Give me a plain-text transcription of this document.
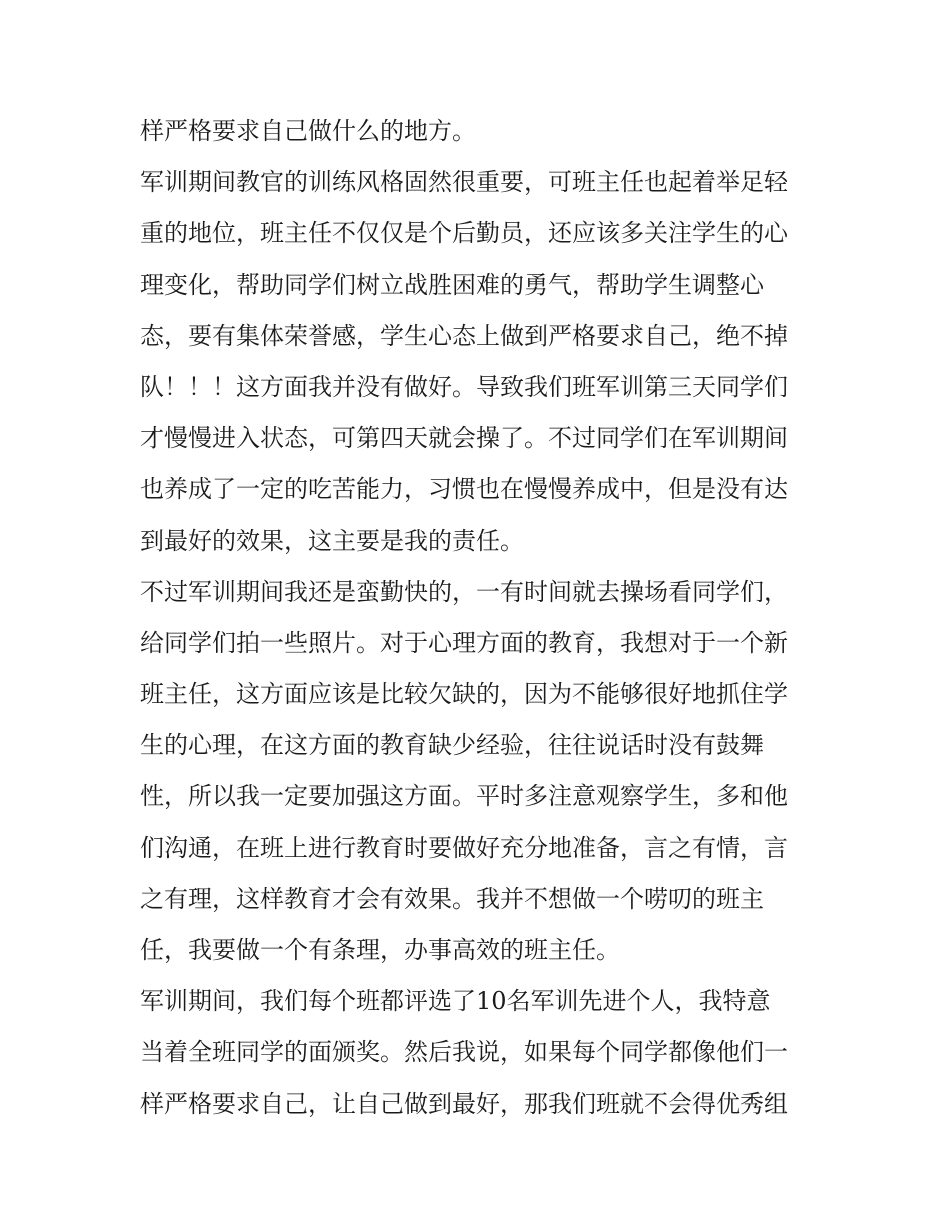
样严格要求自己做什么的地方。
军训期间教官的训练风格固然很重要，可班主任也起着举足轻
重的地位，班主任不仅仅是个后勤员，还应该多关注学生的心
理变化，帮助同学们树立战胜困难的勇气，帮助学生调整心
态，要有集体荣誉感，学生心态上做到严格要求自己，绝不掉
队！！！这方面我并没有做好。导致我们班军训第三天同学们
才慢慢进入状态，可第四天就会操了。不过同学们在军训期间
也养成了一定的吃苦能力，习惯也在慢慢养成中，但是没有达
到最好的效果，这主要是我的责任。
不过军训期间我还是蛮勤快的，一有时间就去操场看同学们，
给同学们拍一些照片。对于心理方面的教育，我想对于一个新
班主任，这方面应该是比较欠缺的，因为不能够很好地抓住学
生的心理，在这方面的教育缺少经验，往往说话时没有鼓舞
性，所以我一定要加强这方面。平时多注意观察学生，多和他
们沟通，在班上进行教育时要做好充分地准备，言之有情，言
之有理，这样教育才会有效果。我并不想做一个唠叨的班主
任，我要做一个有条理，办事高效的班主任。
军训期间，我们每个班都评选了10名军训先进个人，我特意
当着全班同学的面颁奖。然后我说，如果每个同学都像他们一
样严格要求自己，让自己做到最好，那我们班就不会得优秀组
